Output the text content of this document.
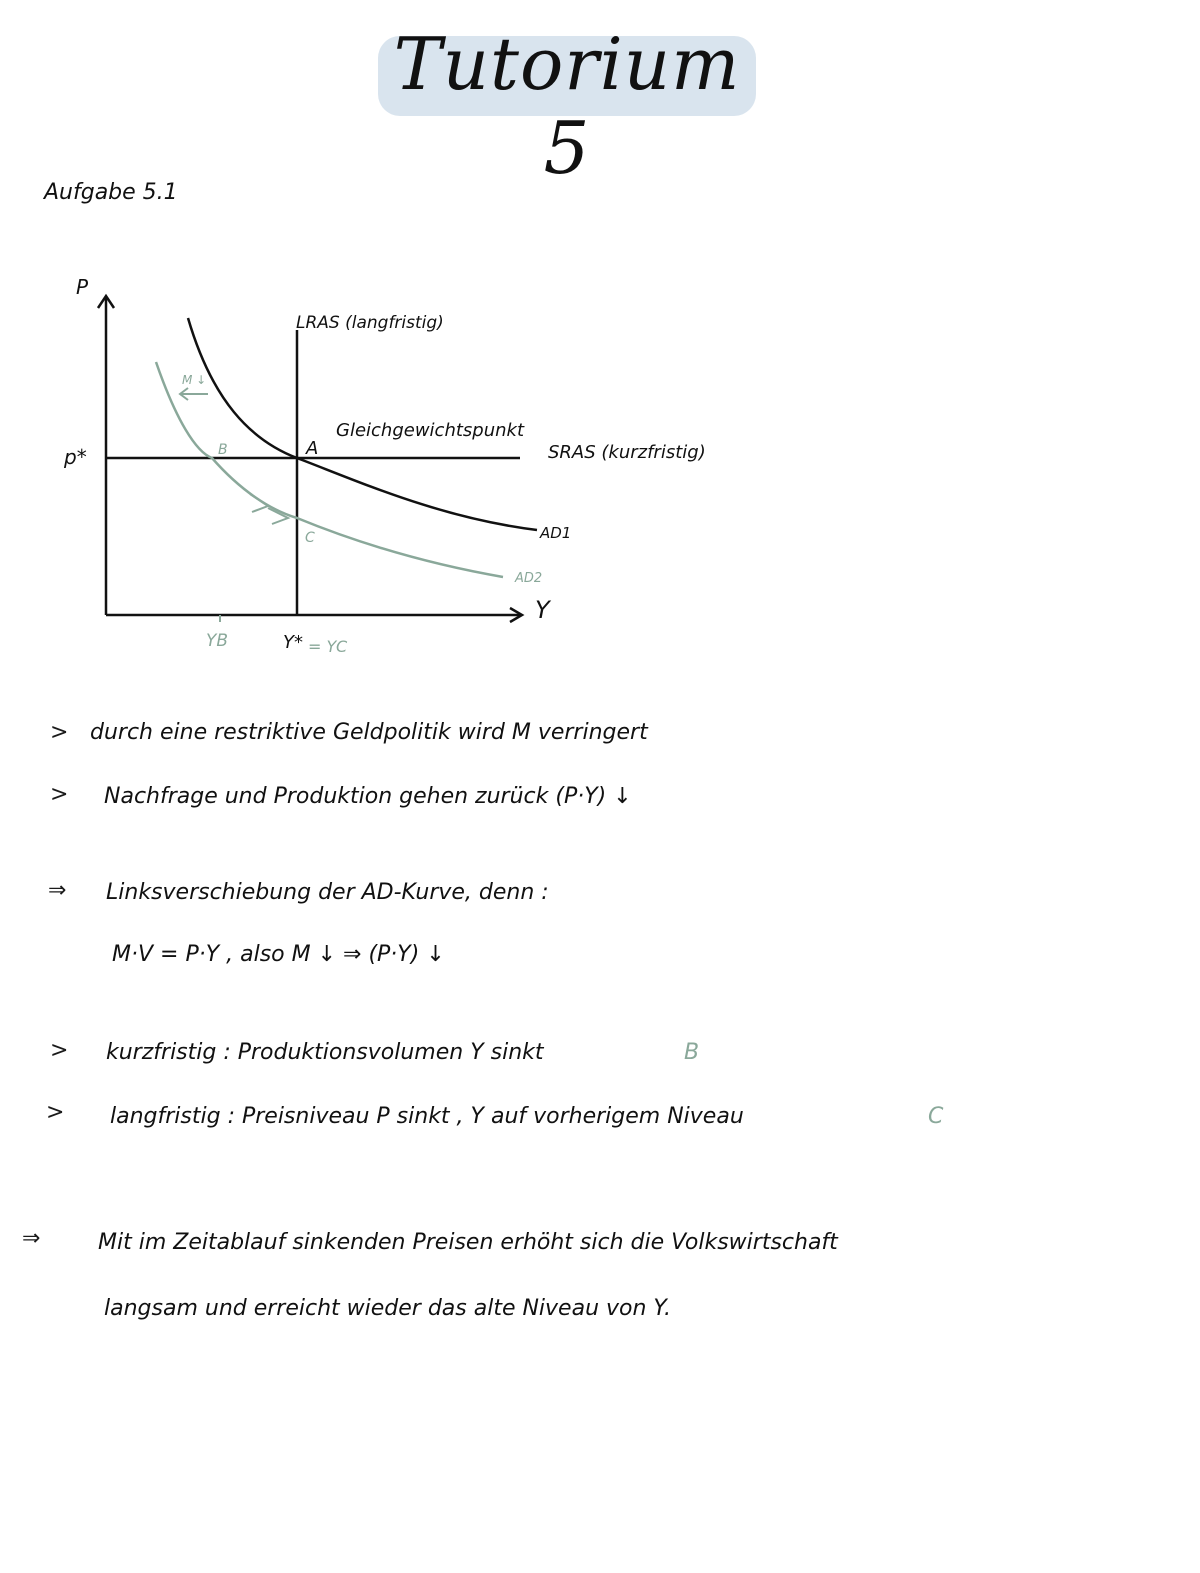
Tutorium 5
Aufgabe 5.1
P
Y
LRAS (langfristig)
SRAS (kurzfristig)
p*
AD1
AD2
M ↓
A
Gleichgewichtspunkt
B
C
YB	Y* = YC
> durch eine restriktive Geldpolitik wird M verringert
> Nachfrage und Produktion gehen zurück (P·Y) ↓
⇒ Linksverschiebung der AD-Kurve, denn :
M·V = P·Y , also M ↓ ⇒ (P·Y) ↓
> kurzfristig : Produktionsvolumen Y sinkt	B
> langfristig : Preisniveau P sinkt , Y auf vorherigem Niveau	C
⇒	Mit im Zeitablauf sinkenden Preisen erhöht sich die Volkswirtschaft
langsam und erreicht wieder das alte Niveau von Y.
